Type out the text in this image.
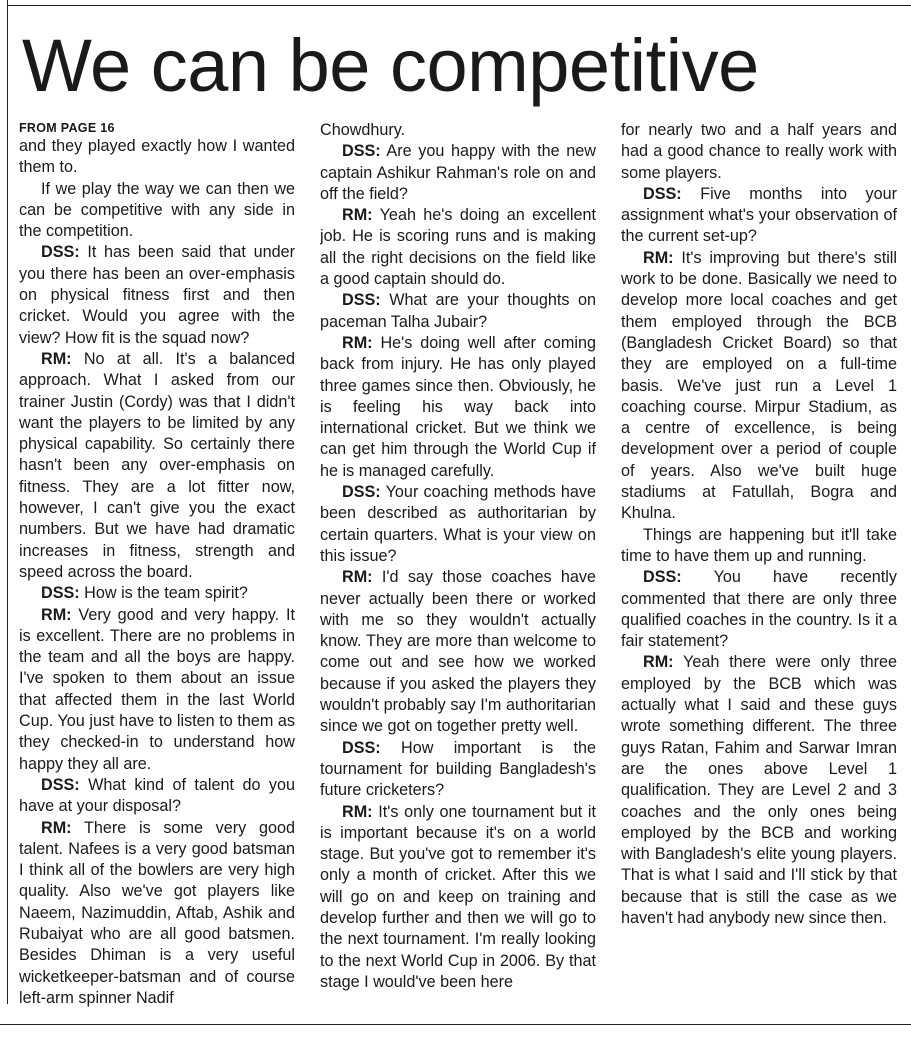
We can be competitive
FROM PAGE 16

and they played exactly how I wanted them to.

If we play the way we can then we can be competitive with any side in the competition.

DSS: It has been said that under you there has been an over-emphasis on physical fitness first and then cricket. Would you agree with the view? How fit is the squad now?

RM: No at all. It's a balanced approach. What I asked from our trainer Justin (Cordy) was that I didn't want the players to be limited by any physical capability. So certainly there hasn't been any over-emphasis on fitness. They are a lot fitter now, however, I can't give you the exact numbers. But we have had dramatic increases in fitness, strength and speed across the board.

DSS: How is the team spirit?

RM: Very good and very happy. It is excellent. There are no problems in the team and all the boys are happy. I've spoken to them about an issue that affected them in the last World Cup. You just have to listen to them as they checked-in to understand how happy they all are.

DSS: What kind of talent do you have at your disposal?

RM: There is some very good talent. Nafees is a very good batsman I think all of the bowlers are very high quality. Also we've got players like Naeem, Nazimuddin, Aftab, Ashik and Rubaiyat who are all good batsmen. Besides Dhiman is a very useful wicketkeeper-batsman and of course left-arm spinner Nadif

Chowdhury.

DSS: Are you happy with the new captain Ashikur Rahman's role on and off the field?

RM: Yeah he's doing an excellent job. He is scoring runs and is making all the right decisions on the field like a good captain should do.

DSS: What are your thoughts on paceman Talha Jubair?

RM: He's doing well after coming back from injury. He has only played three games since then. Obviously, he is feeling his way back into international cricket. But we think we can get him through the World Cup if he is managed carefully.

DSS: Your coaching methods have been described as authoritarian by certain quarters. What is your view on this issue?

RM: I'd say those coaches have never actually been there or worked with me so they wouldn't actually know. They are more than welcome to come out and see how we worked because if you asked the players they wouldn't probably say I'm authoritarian since we got on together pretty well.

DSS: How important is the tournament for building Bangladesh's future cricketers?

RM: It's only one tournament but it is important because it's on a world stage. But you've got to remember it's only a month of cricket. After this we will go on and keep on training and develop further and then we will go to the next tournament. I'm really looking to the next World Cup in 2006. By that stage I would've been here

for nearly two and a half years and had a good chance to really work with some players.

DSS: Five months into your assignment what's your observation of the current set-up?

RM: It's improving but there's still work to be done. Basically we need to develop more local coaches and get them employed through the BCB (Bangladesh Cricket Board) so that they are employed on a full-time basis. We've just run a Level 1 coaching course. Mirpur Stadium, as a centre of excellence, is being development over a period of couple of years. Also we've built huge stadiums at Fatullah, Bogra and Khulna.

Things are happening but it'll take time to have them up and running.

DSS: You have recently commented that there are only three qualified coaches in the country. Is it a fair statement?

RM: Yeah there were only three employed by the BCB which was actually what I said and these guys wrote something different. The three guys Ratan, Fahim and Sarwar Imran are the ones above Level 1 qualification. They are Level 2 and 3 coaches and the only ones being employed by the BCB and working with Bangladesh's elite young players. That is what I said and I'll stick by that because that is still the case as we haven't had anybody new since then.
